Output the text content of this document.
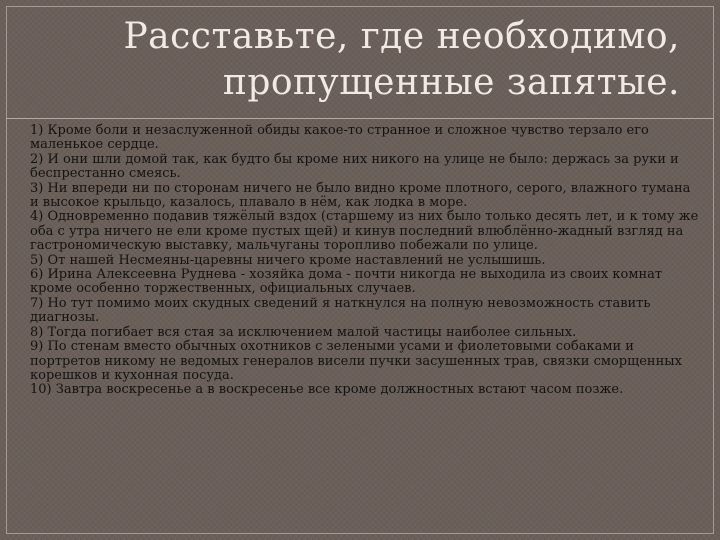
Расставьте, где необходимо,
пропущенные запятые.

1) Кроме боли и незаслуженной обиды какое-то странное и сложное чувство терзало его маленькое сердце.

2) И они шли домой так, как будто бы кроме них никого на улице не было: держась за руки и беспрестанно смеясь.

3) Ни впереди ни по сторонам ничего не было видно кроме плотного, серого, влажного тумана и высокое крыльцо, казалось, плавало в нём, как лодка в море.

4) Одновременно подавив тяжёлый вздох (старшему из них было только десять лет, и к тому же оба с утра ничего не ели кроме пустых щей) и кинув последний влюблённо-жадный взгляд на гастрономическую выставку, мальчуганы торопливо побежали по улице.

5) От нашей Несмеяны-царевны ничего кроме наставлений не услышишь.

6) Ирина Алексеевна Руднева - хозяйка дома - почти никогда не выходила из своих комнат кроме особенно торжественных, официальных случаев.

7) Но тут помимо моих скудных сведений я наткнулся на полную невозможность ставить диагнозы.

8) Тогда погибает вся стая за исключением малой частицы наиболее сильных.

9) По стенам вместо обычных охотников с зелеными усами и фиолетовыми собаками и портретов никому не ведомых генералов висели пучки засушенных трав, связки сморщенных корешков и кухонная посуда.

10) Завтра воскресенье а в воскресенье все кроме должностных встают часом позже.
